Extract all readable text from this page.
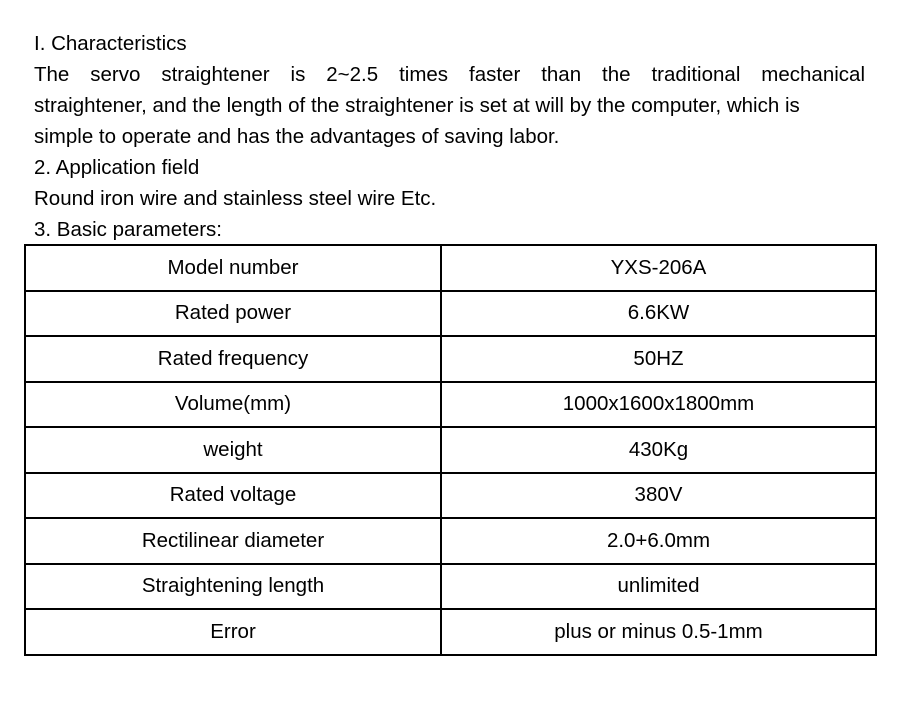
I. Characteristics

The servo straightener is 2~2.5 times faster than the traditional mechanical

straightener, and the length of the straightener is set at will by the computer, which is

simple to operate and has the advantages of saving labor.

2. Application field

Round iron wire and stainless steel wire Etc.

3. Basic parameters:

Model number	YXS-206A
Rated power	6.6KW
Rated frequency	50HZ
Volume(mm)	1000x1600x1800mm
weight	430Kg
Rated voltage	380V
Rectilinear diameter	2.0+6.0mm
Straightening length	unlimited
Error	plus or minus 0.5-1mm
